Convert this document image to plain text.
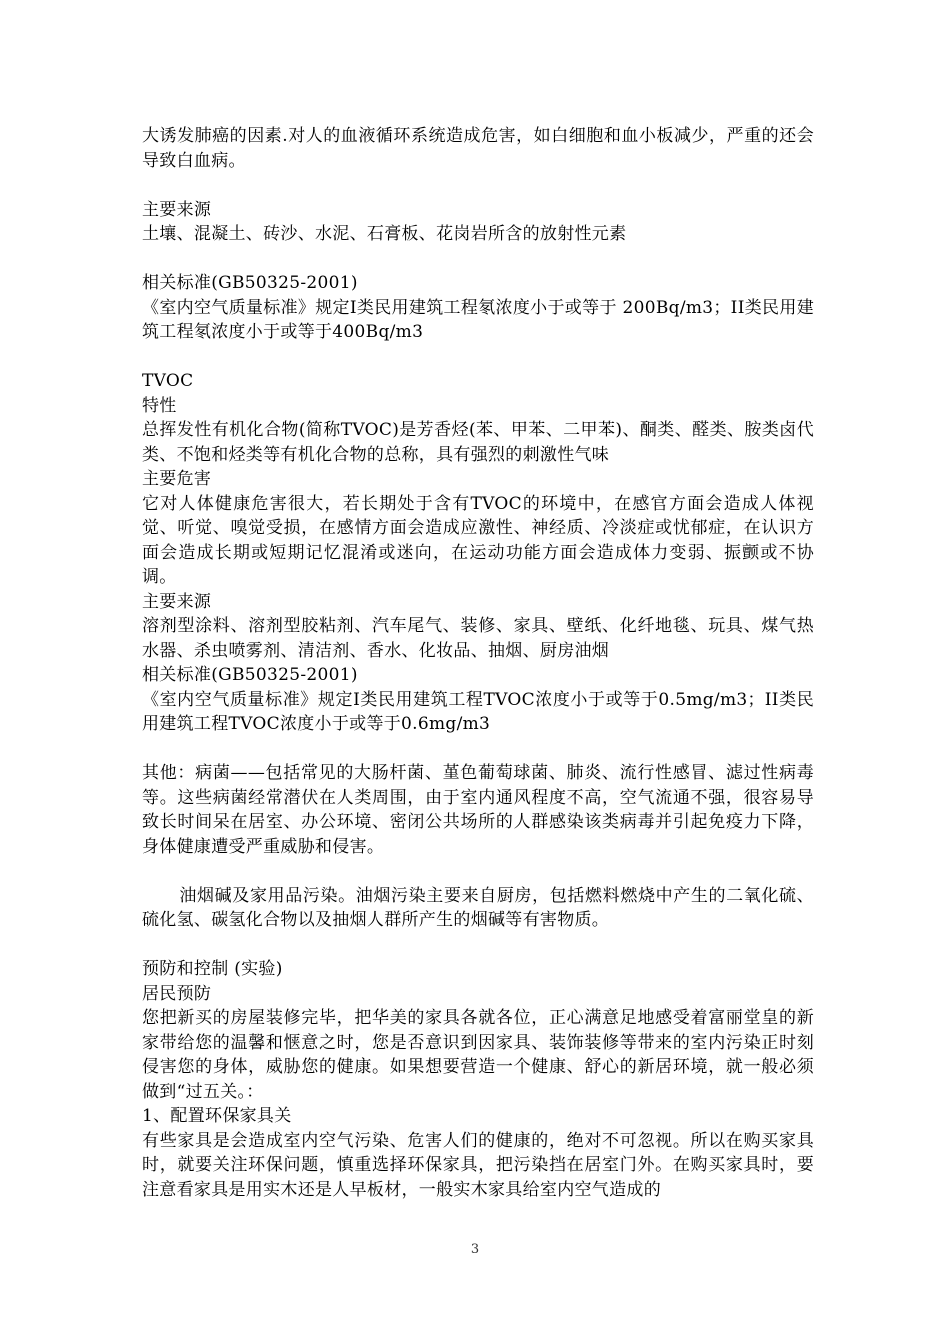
大诱发肺癌的因素.对人的血液循环系统造成危害，如白细胞和血小板减少，严重的还会导致白血病。

主要来源

土壤、混凝土、砖沙、水泥、石膏板、花岗岩所含的放射性元素

相关标准(GB50325-2001)

《室内空气质量标准》规定Ⅰ类民用建筑工程氡浓度小于或等于 200Bq/m3；II类民用建筑工程氡浓度小于或等于400Bq/m3

TVOC

特性

总挥发性有机化合物(简称TVOC)是芳香烃(苯、甲苯、二甲苯)、酮类、醛类、胺类卤代类、不饱和烃类等有机化合物的总称，具有强烈的刺激性气味

主要危害

它对人体健康危害很大，若长期处于含有TVOC的环境中，在感官方面会造成人体视觉、听觉、嗅觉受损，在感情方面会造成应激性、神经质、冷淡症或忧郁症，在认识方面会造成长期或短期记忆混淆或迷向，在运动功能方面会造成体力变弱、振颤或不协调。

主要来源

溶剂型涂料、溶剂型胶粘剂、汽车尾气、装修、家具、壁纸、化纤地毯、玩具、煤气热水器、杀虫喷雾剂、清洁剂、香水、化妆品、抽烟、厨房油烟

相关标准(GB50325-2001)

《室内空气质量标准》规定Ⅰ类民用建筑工程TVOC浓度小于或等于0.5mg/m3；II类民用建筑工程TVOC浓度小于或等于0.6mg/m3

其他：病菌——包括常见的大肠杆菌、堇色葡萄球菌、肺炎、流行性感冒、滤过性病毒等。这些病菌经常潜伏在人类周围，由于室内通风程度不高，空气流通不强，很容易导致长时间呆在居室、办公环境、密闭公共场所的人群感染该类病毒并引起免疫力下降，身体健康遭受严重威胁和侵害。

油烟碱及家用品污染。油烟污染主要来自厨房，包括燃料燃烧中产生的二氧化硫、硫化氢、碳氢化合物以及抽烟人群所产生的烟碱等有害物质。

预防和控制 (实验)

居民预防

您把新买的房屋装修完毕，把华美的家具各就各位，正心满意足地感受着富丽堂皇的新家带给您的温馨和惬意之时，您是否意识到因家具、装饰装修等带来的室内污染正时刻侵害您的身体，威胁您的健康。如果想要营造一个健康、舒心的新居环境，就一般必须做到“过五关。：

1、配置环保家具关

有些家具是会造成室内空气污染、危害人们的健康的，绝对不可忽视。所以在购买家具时，就要关注环保问题，慎重选择环保家具，把污染挡在居室门外。在购买家具时，要注意看家具是用实木还是人早板材，一般实木家具给室内空气造成的

3
